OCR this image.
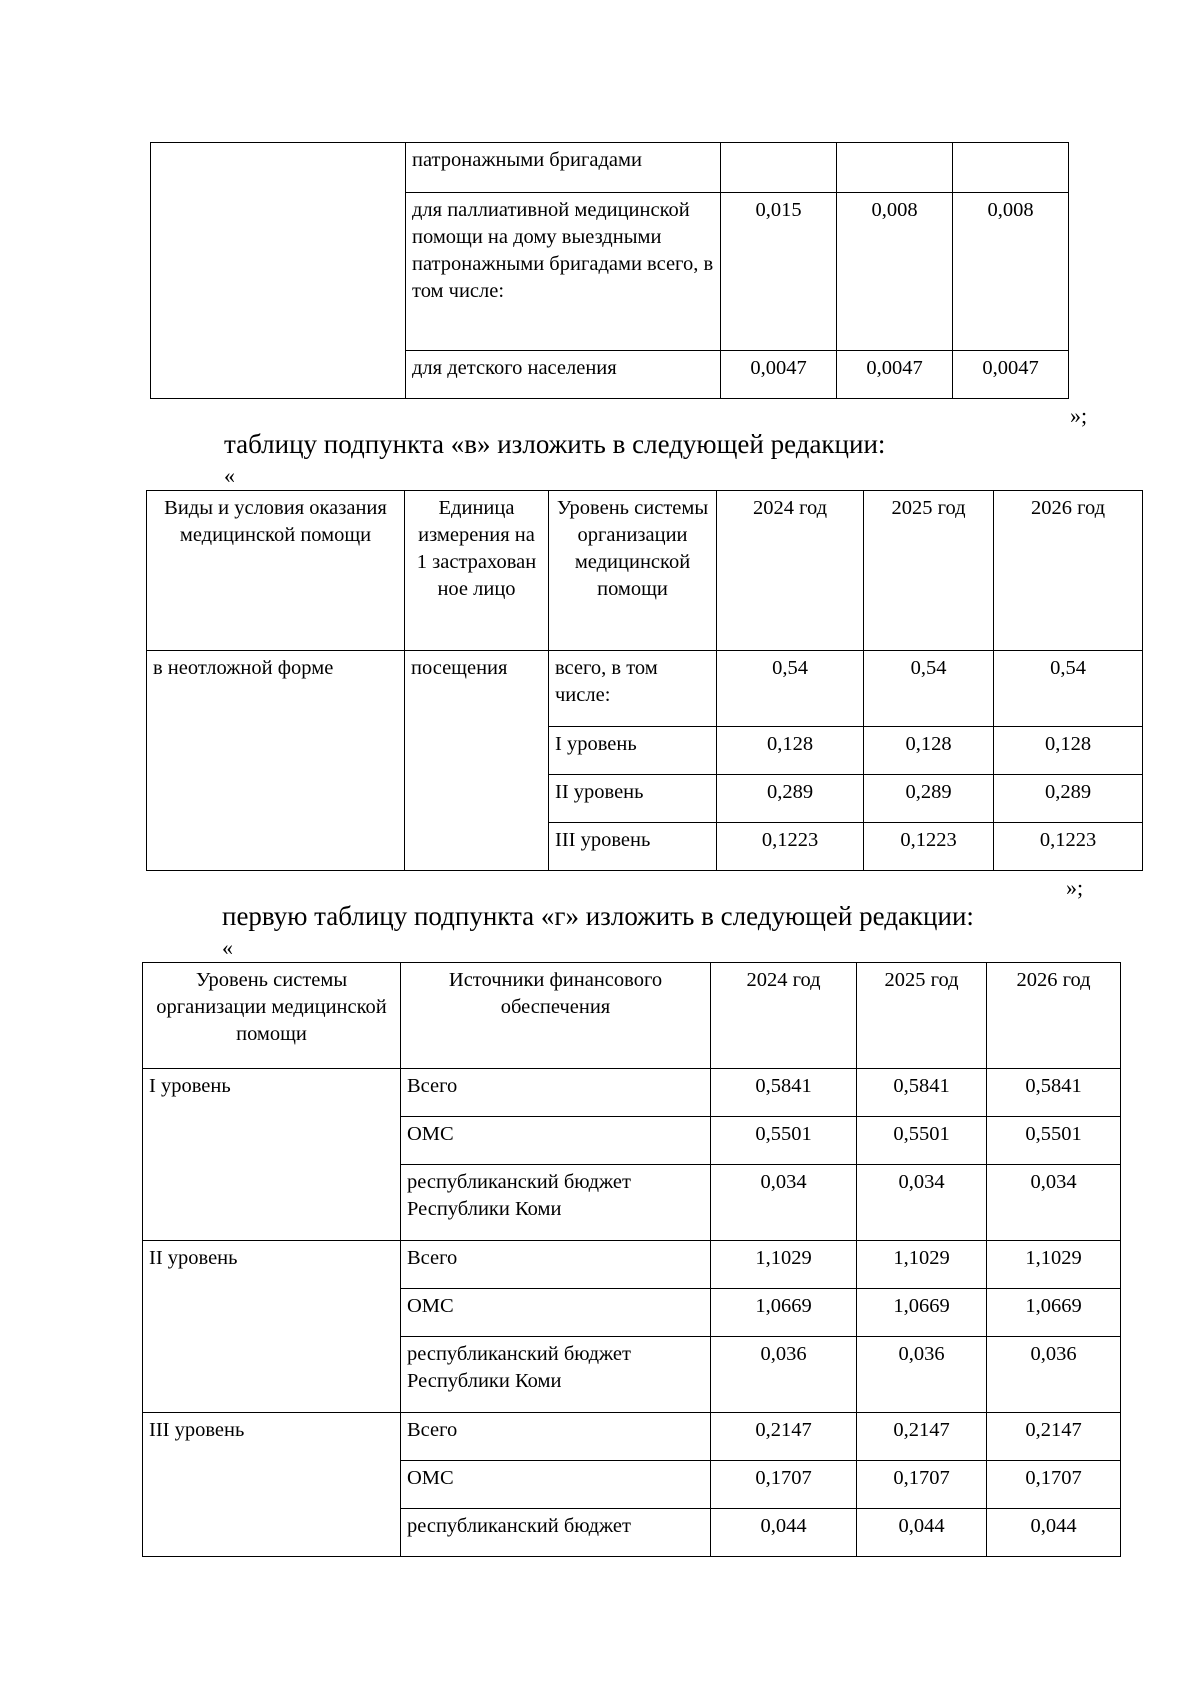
	патронажными бригадами			
	для паллиативной медицинской помощи на дому выездными патронажными бригадами всего, в том числе:	0,015	0,008	0,008
	для детского населения	0,0047	0,0047	0,0047
»;
таблицу подпункта «в» изложить в следующей редакции:
«
Виды и условия оказания медицинской помощи	Единица измерения на 1 застрахован ное лицо	Уровень системы организации медицинской помощи	2024 год	2025 год	2026 год
в неотложной форме	посещения	всего, в том числе:	0,54	0,54	0,54
		I уровень	0,128	0,128	0,128
		II уровень	0,289	0,289	0,289
		III уровень	0,1223	0,1223	0,1223
»;
первую таблицу подпункта «г» изложить в следующей редакции:
«
Уровень системы организации медицинской помощи	Источники финансового обеспечения	2024 год	2025 год	2026 год
I уровень	Всего	0,5841	0,5841	0,5841
	ОМС	0,5501	0,5501	0,5501
	республиканский бюджет Республики Коми	0,034	0,034	0,034
II уровень	Всего	1,1029	1,1029	1,1029
	ОМС	1,0669	1,0669	1,0669
	республиканский бюджет Республики Коми	0,036	0,036	0,036
III уровень	Всего	0,2147	0,2147	0,2147
	ОМС	0,1707	0,1707	0,1707
	республиканский бюджет	0,044	0,044	0,044
